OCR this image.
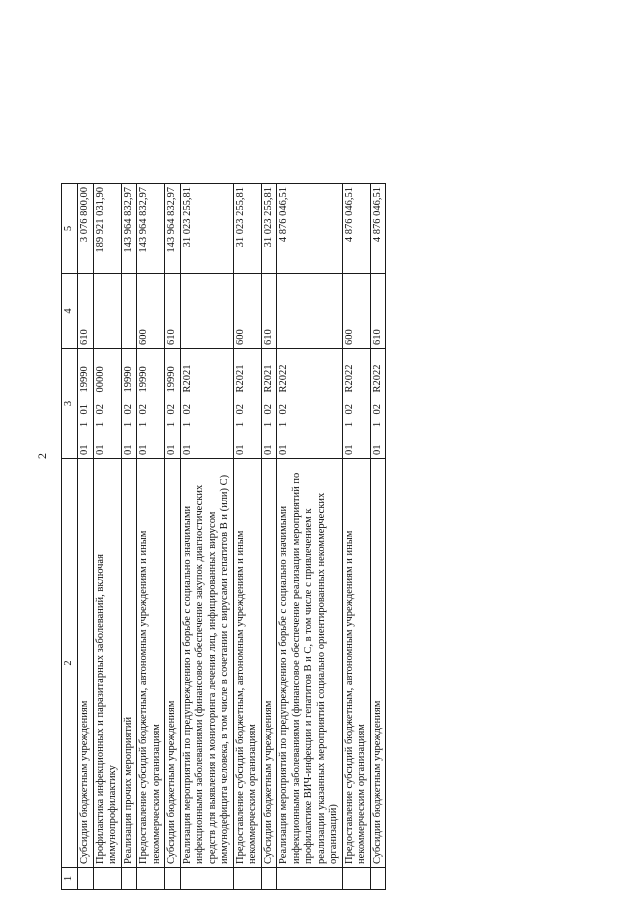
2
1	2	3				4	5
	Субсидии бюджетным учреждениям	01	1	01	19990	610	3 076 800,00
	Профилактика инфекционных и паразитарных заболеваний, включая иммунопрофилактику	01	1	02	00000		189 921 031,90
	Реализация прочих мероприятий	01	1	02	19990		143 964 832,97
	Предоставление субсидий бюджетным, автономным учреждениям и иным некоммерческим организациям	01	1	02	19990	600	143 964 832,97
	Субсидии бюджетным учреждениям	01	1	02	19990	610	143 964 832,97
	Реализация мероприятий по предупреждению и борьбе с социально значимыми инфекционными заболеваниями (финансовое обеспечение закупок диагностических средств для выявления и мониторинга лечения лиц, инфицированных вирусом иммунодефицита человека, в том числе в сочетании с вирусами гепатитов В и (или) С)	01	1	02	R2021		31 023 255,81
	Предоставление субсидий бюджетным, автономным учреждениям и иным некоммерческим организациям	01	1	02	R2021	600	31 023 255,81
	Субсидии бюджетным учреждениям	01	1	02	R2021	610	31 023 255,81
	Реализация мероприятий по предупреждению и борьбе с социально значимыми инфекционными заболеваниями (финансовое обеспечение реализации мероприятий по профилактике ВИЧ-инфекции и гепатитов В и С, в том числе с привлечением к реализации указанных мероприятий социально ориентированных некоммерческих организаций)	01	1	02	R2022		4 876 046,51
	Предоставление субсидий бюджетным, автономным учреждениям и иным некоммерческим организациям	01	1	02	R2022	600	4 876 046,51
	Субсидии бюджетным учреждениям	01	1	02	R2022	610	4 876 046,51
